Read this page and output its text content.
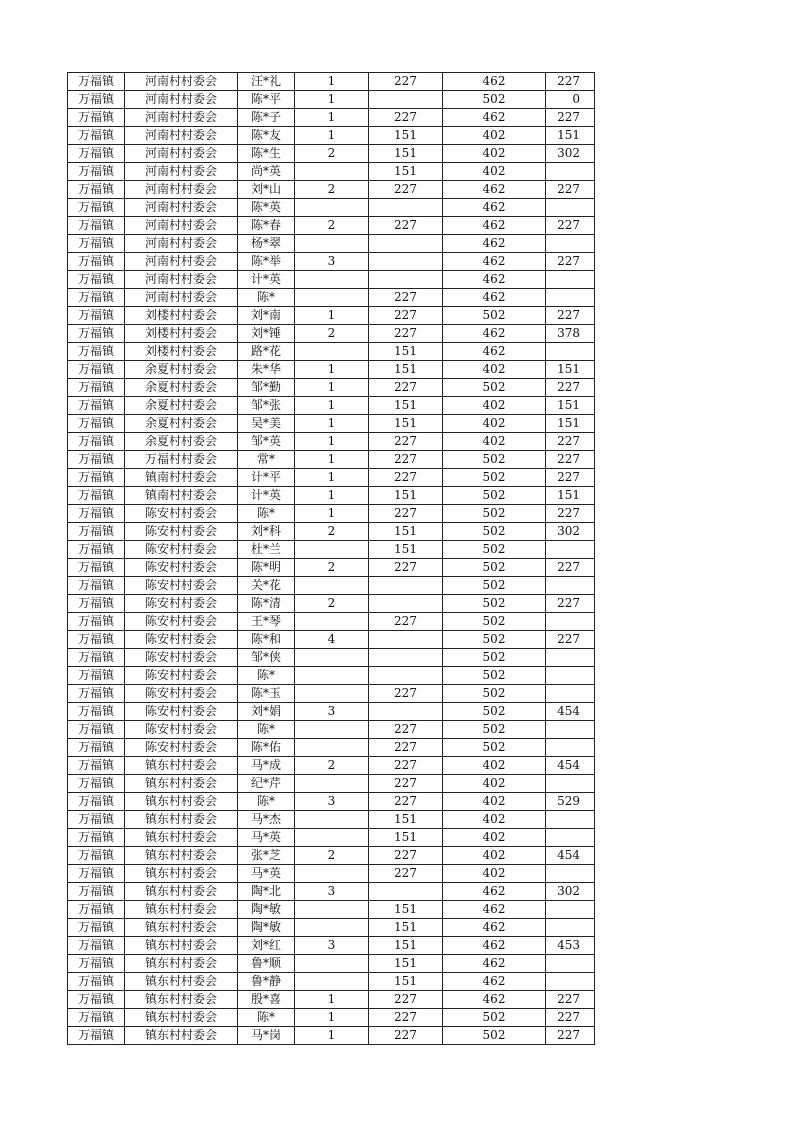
万福镇	河南村村委会	汪*礼	1	227	462	227
万福镇	河南村村委会	陈*平	1		502	0
万福镇	河南村村委会	陈*子	1	227	462	227
万福镇	河南村村委会	陈*友	1	151	402	151
万福镇	河南村村委会	陈*生	2	151	402	302
万福镇	河南村村委会	尚*英		151	402	
万福镇	河南村村委会	刘*山	2	227	462	227
万福镇	河南村村委会	陈*英			462	
万福镇	河南村村委会	陈*春	2	227	462	227
万福镇	河南村村委会	杨*翠			462	
万福镇	河南村村委会	陈*举	3		462	227
万福镇	河南村村委会	计*英			462	
万福镇	河南村村委会	陈*		227	462	
万福镇	刘楼村村委会	刘*南	1	227	502	227
万福镇	刘楼村村委会	刘*锤	2	227	462	378
万福镇	刘楼村村委会	路*花		151	462	
万福镇	余夏村村委会	朱*华	1	151	402	151
万福镇	余夏村村委会	邹*勤	1	227	502	227
万福镇	余夏村村委会	邹*张	1	151	402	151
万福镇	余夏村村委会	吴*美	1	151	402	151
万福镇	余夏村村委会	邹*英	1	227	402	227
万福镇	万福村村委会	常*	1	227	502	227
万福镇	镇南村村委会	计*平	1	227	502	227
万福镇	镇南村村委会	计*英	1	151	502	151
万福镇	陈安村村委会	陈*	1	227	502	227
万福镇	陈安村村委会	刘*科	2	151	502	302
万福镇	陈安村村委会	杜*兰		151	502	
万福镇	陈安村村委会	陈*明	2	227	502	227
万福镇	陈安村村委会	关*花			502	
万福镇	陈安村村委会	陈*清	2		502	227
万福镇	陈安村村委会	王*琴		227	502	
万福镇	陈安村村委会	陈*和	4		502	227
万福镇	陈安村村委会	邹*侠			502	
万福镇	陈安村村委会	陈*			502	
万福镇	陈安村村委会	陈*玉		227	502	
万福镇	陈安村村委会	刘*娟	3		502	454
万福镇	陈安村村委会	陈*		227	502	
万福镇	陈安村村委会	陈*佑		227	502	
万福镇	镇东村村委会	马*成	2	227	402	454
万福镇	镇东村村委会	纪*芹		227	402	
万福镇	镇东村村委会	陈*	3	227	402	529
万福镇	镇东村村委会	马*杰		151	402	
万福镇	镇东村村委会	马*英		151	402	
万福镇	镇东村村委会	张*芝	2	227	402	454
万福镇	镇东村村委会	马*英		227	402	
万福镇	镇东村村委会	陶*北	3		462	302
万福镇	镇东村村委会	陶*敏		151	462	
万福镇	镇东村村委会	陶*敏		151	462	
万福镇	镇东村村委会	刘*红	3	151	462	453
万福镇	镇东村村委会	鲁*顺		151	462	
万福镇	镇东村村委会	鲁*静		151	462	
万福镇	镇东村村委会	殷*喜	1	227	462	227
万福镇	镇东村村委会	陈*	1	227	502	227
万福镇	镇东村村委会	马*岗	1	227	502	227
